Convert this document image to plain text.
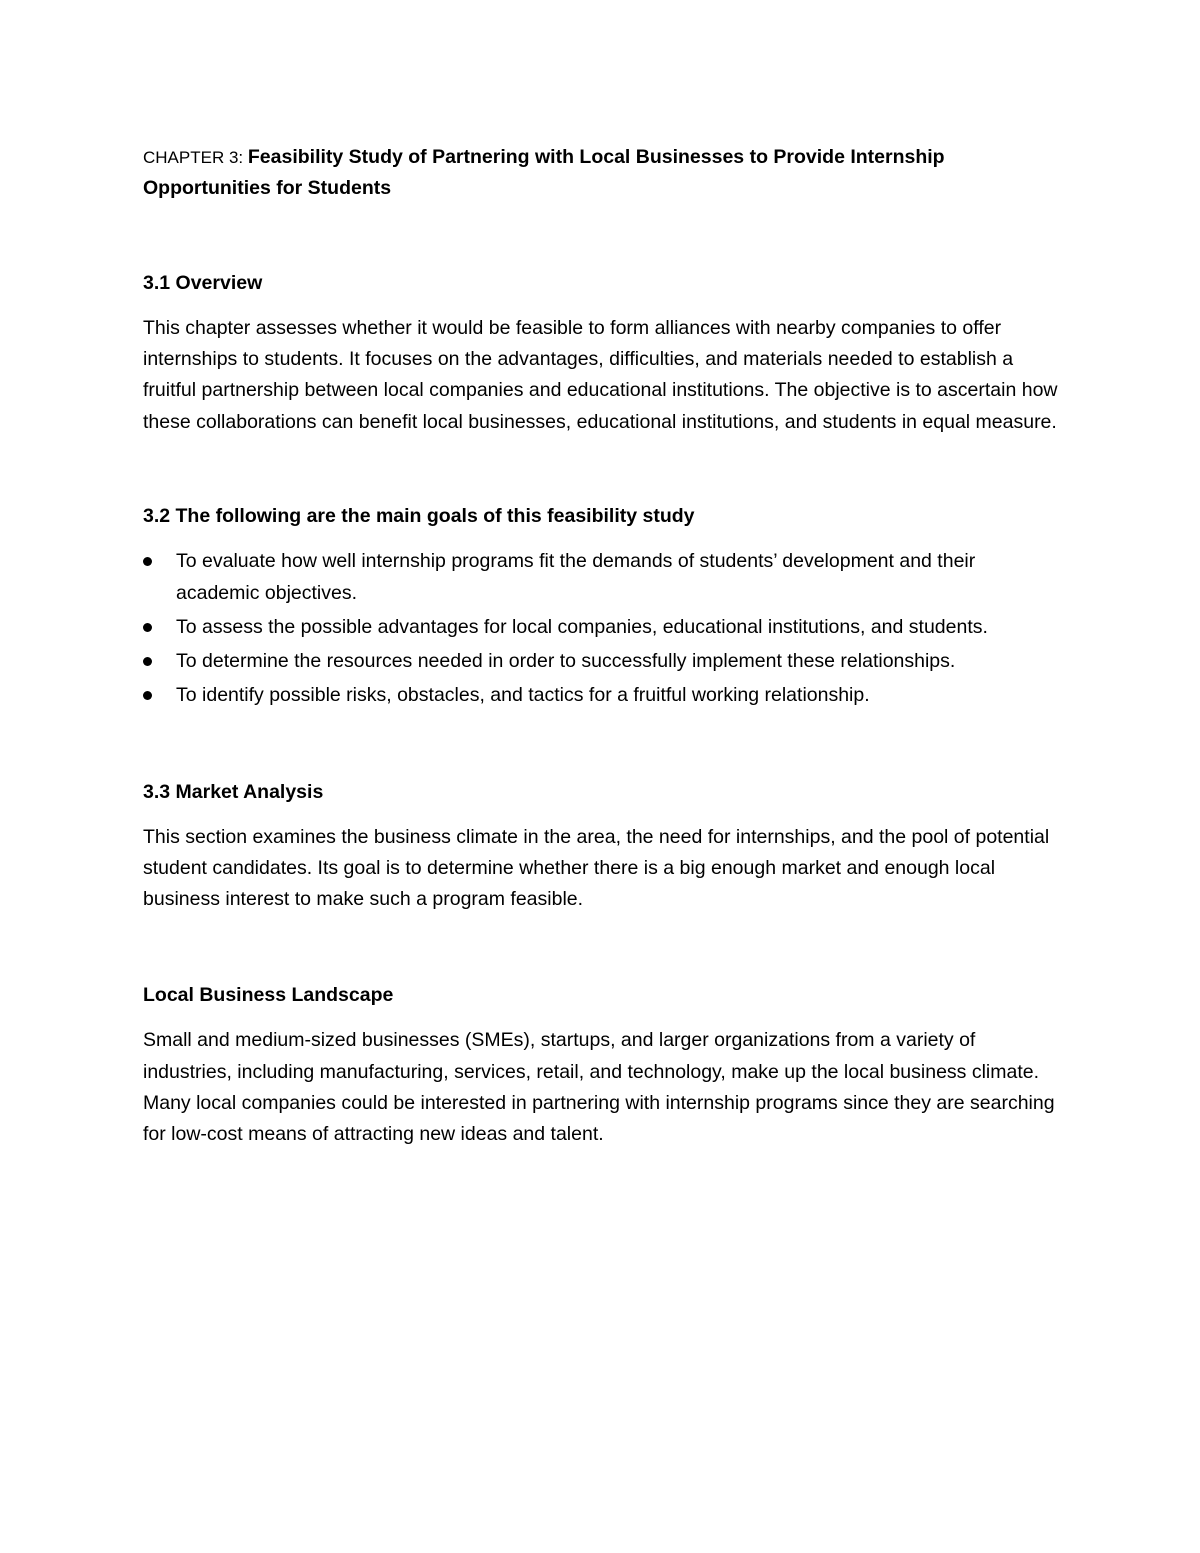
CHAPTER 3: Feasibility Study of Partnering with Local Businesses to Provide Internship Opportunities for Students
3.1 Overview

This chapter assesses whether it would be feasible to form alliances with nearby companies to offer internships to students. It focuses on the advantages, difficulties, and materials needed to establish a fruitful partnership between local companies and educational institutions. The objective is to ascertain how these collaborations can benefit local businesses, educational institutions, and students in equal measure.

3.2 The following are the main goals of this feasibility study
To evaluate how well internship programs fit the demands of students’ development and their academic objectives.
To assess the possible advantages for local companies, educational institutions, and students.
To determine the resources needed in order to successfully implement these relationships.
To identify possible risks, obstacles, and tactics for a fruitful working relationship.
3.3 Market Analysis

This section examines the business climate in the area, the need for internships, and the pool of potential student candidates. Its goal is to determine whether there is a big enough market and enough local business interest to make such a program feasible.

Local Business Landscape

Small and medium-sized businesses (SMEs), startups, and larger organizations from a variety of industries, including manufacturing, services, retail, and technology, make up the local business climate. Many local companies could be interested in partnering with internship programs since they are searching for low-cost means of attracting new ideas and talent.
